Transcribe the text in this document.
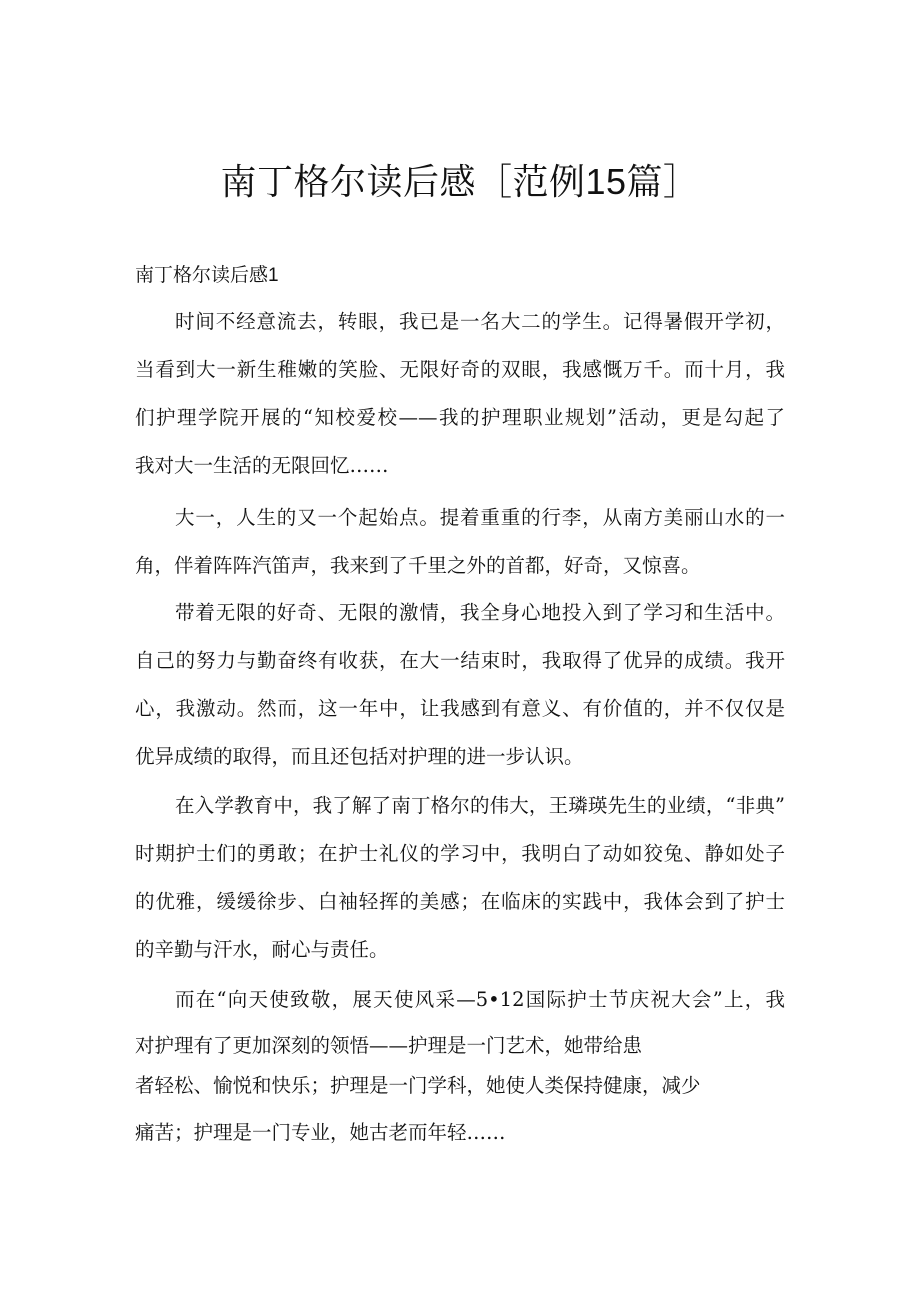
南丁格尔读后感［范例15篇］
南丁格尔读后感1
时间不经意流去，转眼，我已是一名大二的学生。记得暑假开学初，
当看到大一新生稚嫩的笑脸、无限好奇的双眼，我感慨万千。而十月，我
们护理学院开展的“知校爱校——我的护理职业规划”活动，更是勾起了
我对大一生活的无限回忆……
大一，人生的又一个起始点。提着重重的行李，从南方美丽山水的一
角，伴着阵阵汽笛声，我来到了千里之外的首都，好奇，又惊喜。
带着无限的好奇、无限的激情，我全身心地投入到了学习和生活中。
自己的努力与勤奋终有收获，在大一结束时，我取得了优异的成绩。我开
心，我激动。然而，这一年中，让我感到有意义、有价值的，并不仅仅是
优异成绩的取得，而且还包括对护理的进一步认识。
在入学教育中，我了解了南丁格尔的伟大，王璘瑛先生的业绩，“非典”
时期护士们的勇敢；在护士礼仪的学习中，我明白了动如狡兔、静如处子
的优雅，缓缓徐步、白袖轻挥的美感；在临床的实践中，我体会到了护士
的辛勤与汗水，耐心与责任。
而在“向天使致敬，展天使风采—5•12国际护士节庆祝大会”上，我
对护理有了更加深刻的领悟——护理是一门艺术，她带给患
者轻松、愉悦和快乐；护理是一门学科，她使人类保持健康，减少
痛苦；护理是一门专业，她古老而年轻……
